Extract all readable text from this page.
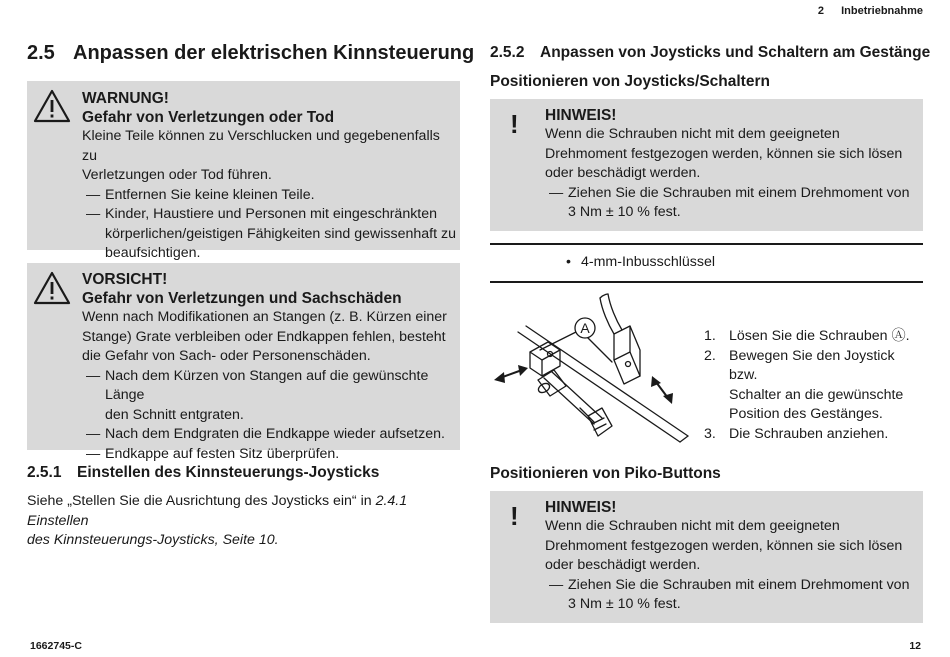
2 Inbetriebnahme
1662745-C	12
2.5 Anpassen der elektrischen Kinnsteuerung
WARNUNG!
Gefahr von Verletzungen oder Tod
Kleine Teile können zu Verschlucken und gegebenenfalls zu
Verletzungen oder Tod führen.
— Entfernen Sie keine kleinen Teile.
— Kinder, Haustiere und Personen mit eingeschränkten
körperlichen/geistigen Fähigkeiten sind gewissenhaft zu
beaufsichtigen.
VORSICHT!
Gefahr von Verletzungen und Sachschäden
Wenn nach Modifikationen an Stangen (z. B. Kürzen einer
Stange) Grate verbleiben oder Endkappen fehlen, besteht
die Gefahr von Sach- oder Personenschäden.
— Nach dem Kürzen von Stangen auf die gewünschte Länge
den Schnitt entgraten.
— Nach dem Endgraten die Endkappe wieder aufsetzen.
— Endkappe auf festen Sitz überprüfen.
2.5.1 Einstellen des Kinnsteuerungs-Joysticks
Siehe „Stellen Sie die Ausrichtung des Joysticks ein“ in 2.4.1 Einstellen
des Kinnsteuerungs-Joysticks, Seite 10.
2.5.2 Anpassen von Joysticks und Schaltern am Gestänge
Positionieren von Joysticks/Schaltern
! HINWEIS!
Wenn die Schrauben nicht mit dem geeigneten
Drehmoment festgezogen werden, können sie sich lösen
oder beschädigt werden.
— Ziehen Sie die Schrauben mit einem Drehmoment von
3 Nm ± 10 % fest.
• 4-mm-Inbusschlüssel
A	1. Lösen Sie die Schrauben Ⓐ.
2. Bewegen Sie den Joystick bzw.
Schalter an die gewünschte
Position des Gestänges.
3. Die Schrauben anziehen.
Positionieren von Piko-Buttons
! HINWEIS!
Wenn die Schrauben nicht mit dem geeigneten
Drehmoment festgezogen werden, können sie sich lösen
oder beschädigt werden.
— Ziehen Sie die Schrauben mit einem Drehmoment von
3 Nm ± 10 % fest.
